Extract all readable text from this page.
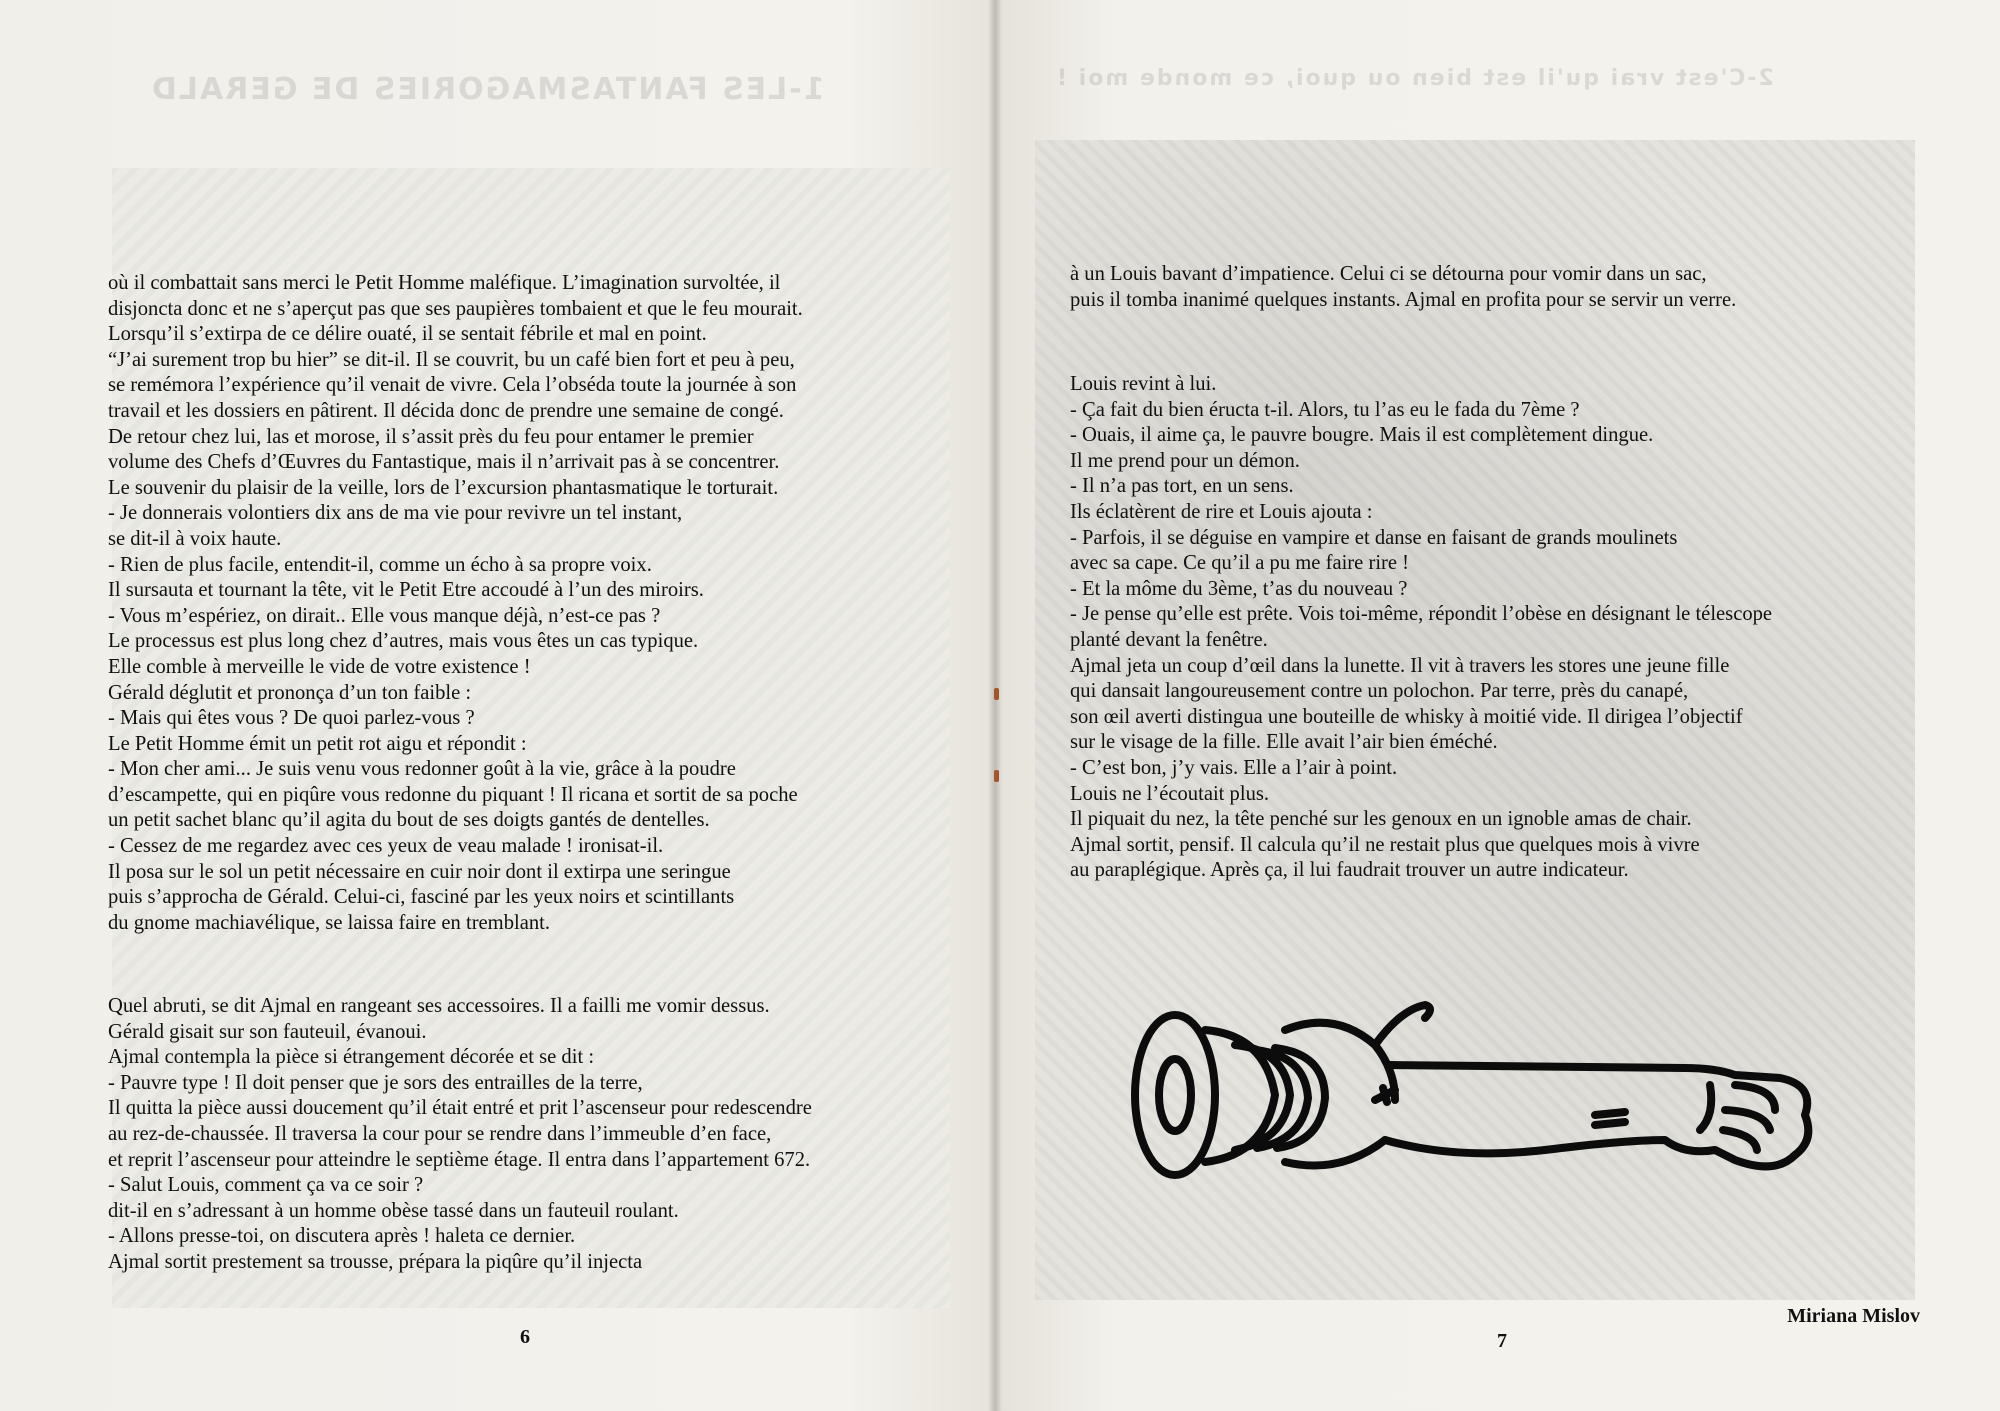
1-LES FANTASMAGORIES DE GERALD

où il combattait sans merci le Petit Homme maléfique. L’imagination survoltée, il

disjoncta donc et ne s’aperçut pas que ses paupières tombaient et que le feu mourait.

Lorsqu’il s’extirpa de ce délire ouaté, il se sentait fébrile et mal en point.

“J’ai surement trop bu hier” se dit-il. Il se couvrit, bu un café bien fort et peu à peu,

se remémora l’expérience qu’il venait de vivre. Cela l’obséda toute la journée à son

travail et les dossiers en pâtirent. Il décida donc de prendre une semaine de congé.

De retour chez lui, las et morose, il s’assit près du feu pour entamer le premier

volume des Chefs d’Œuvres du Fantastique, mais il n’arrivait pas à se concentrer.

Le souvenir du plaisir de la veille, lors de l’excursion phantasmatique le torturait.

- Je donnerais volontiers dix ans de ma vie pour revivre un tel instant,

se dit-il à voix haute.

- Rien de plus facile, entendit-il, comme un écho à sa propre voix.

Il sursauta et tournant la tête, vit le Petit Etre accoudé à l’un des miroirs.

- Vous m’espériez, on dirait.. Elle vous manque déjà, n’est-ce pas ?

Le processus est plus long chez d’autres, mais vous êtes un cas typique.

Elle comble à merveille le vide de votre existence !

Gérald déglutit et prononça d’un ton faible :

- Mais qui êtes vous ? De quoi parlez-vous ?

Le Petit Homme émit un petit rot aigu et répondit :

- Mon cher ami... Je suis venu vous redonner goût à la vie, grâce à la poudre

d’escampette, qui en piqûre vous redonne du piquant ! Il ricana et sortit de sa poche

un petit sachet blanc qu’il agita du bout de ses doigts gantés de dentelles.

- Cessez de me regardez avec ces yeux de veau malade ! ironisat-il.

Il posa sur le sol un petit nécessaire en cuir noir dont il extirpa une seringue

puis s’approcha de Gérald. Celui-ci, fasciné par les yeux noirs et scintillants

du gnome machiavélique, se laissa faire en tremblant.

Quel abruti, se dit Ajmal en rangeant ses accessoires. Il a failli me vomir dessus.

Gérald gisait sur son fauteuil, évanoui.

Ajmal contempla la pièce si étrangement décorée et se dit :

- Pauvre type ! Il doit penser que je sors des entrailles de la terre,

Il quitta la pièce aussi doucement qu’il était entré et prit l’ascenseur pour redescendre

au rez-de-chaussée. Il traversa la cour pour se rendre dans l’immeuble d’en face,

et reprit l’ascenseur pour atteindre le septième étage. Il entra dans l’appartement 672.

- Salut Louis, comment ça va ce soir ?

dit-il en s’adressant à un homme obèse tassé dans un fauteuil roulant.

- Allons presse-toi, on discutera après ! haleta ce dernier.

Ajmal sortit prestement sa trousse, prépara la piqûre qu’il injecta

6

2-C'est vrai qu'il est bien ou quoi, ce monde moi !

à un Louis bavant d’impatience. Celui ci se détourna pour vomir dans un sac,

puis il tomba inanimé quelques instants. Ajmal en profita pour se servir un verre.

Louis revint à lui.

- Ça fait du bien éructa t-il. Alors, tu l’as eu le fada du 7ème ?

- Ouais, il aime ça, le pauvre bougre. Mais il est complètement dingue.

Il me prend pour un démon.

- Il n’a pas tort, en un sens.

Ils éclatèrent de rire et Louis ajouta :

- Parfois, il se déguise en vampire et danse en faisant de grands moulinets

avec sa cape. Ce qu’il a pu me faire rire !

- Et la môme du 3ème, t’as du nouveau ?

- Je pense qu’elle est prête. Vois toi-même, répondit l’obèse en désignant le télescope

planté devant la fenêtre.

Ajmal jeta un coup d’œil dans la lunette. Il vit à travers les stores une jeune fille

qui dansait langoureusement contre un polochon. Par terre, près du canapé,

son œil averti distingua une bouteille de whisky à moitié vide. Il dirigea l’objectif

sur le visage de la fille. Elle avait l’air bien éméché.

- C’est bon, j’y vais. Elle a l’air à point.

Louis ne l’écoutait plus.

Il piquait du nez, la tête penché sur les genoux en un ignoble amas de chair.

Ajmal sortit, pensif. Il calcula qu’il ne restait plus que quelques mois à vivre

au paraplégique. Après ça, il lui faudrait trouver un autre indicateur.

Miriana Mislov

7
